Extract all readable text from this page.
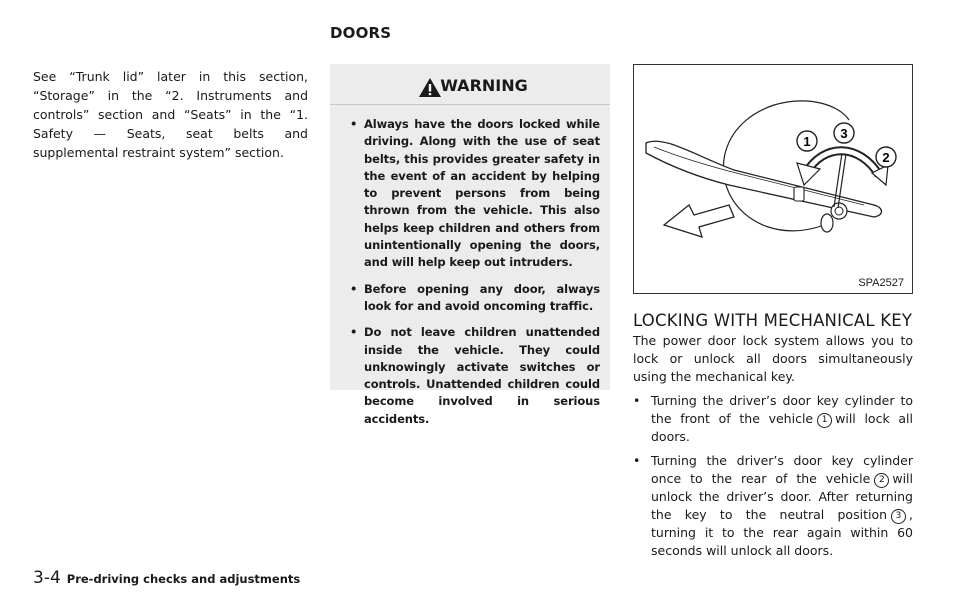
DOORS
See “Trunk lid” later in this section, “Storage” in the “2. Instruments and controls” section and “Seats” in the “1. Safety — Seats, seat belts and supplemental restraint system” section.
WARNING
• Always have the doors locked while driving. Along with the use of seat belts, this provides greater safety in the event of an accident by helping to prevent persons from being thrown from the vehicle. This also helps keep children and others from unintentionally opening the doors, and will help keep out intruders.
• Before opening any door, always look for and avoid oncoming traffic.
• Do not leave children unattended inside the vehicle. They could unknowingly activate switches or controls. Unattended children could become involved in serious accidents.
1
3
2
SPA2527
LOCKING WITH MECHANICAL KEY

The power door lock system allows you to lock or unlock all doors simultaneously using the mechanical key.

• Turning the driver’s door key cylinder to the front of the vehicle 1 will lock all doors.
• Turning the driver’s door key cylinder once to the rear of the vehicle 2 will unlock the driver’s door. After returning the key to the neutral position 3 , turning it to the rear again within 60 seconds will unlock all doors.
3-4 Pre-driving checks and adjustments
